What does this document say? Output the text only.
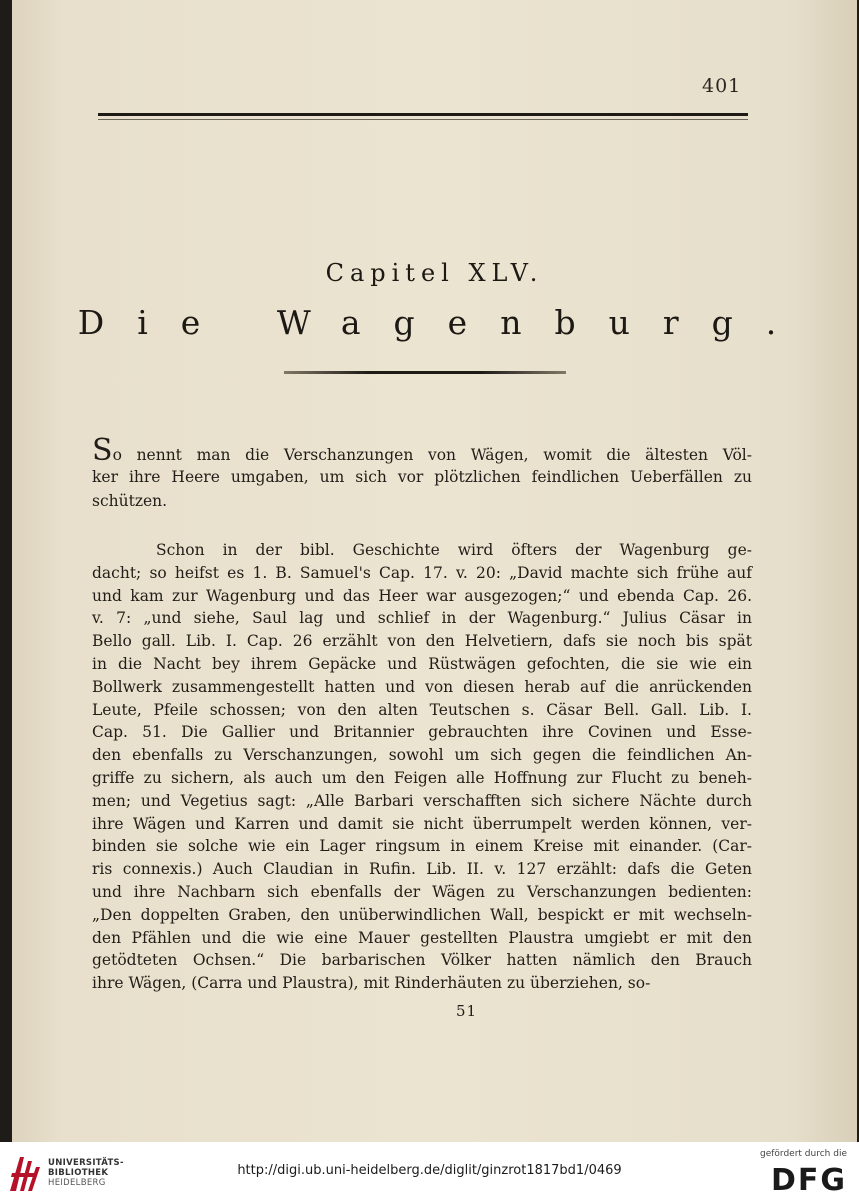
401
Capitel XLV.
Die Wagenburg.
So nennt man die Verschanzungen von Wägen, womit die ältesten Völ-
ker ihre Heere umgaben, um sich vor plötzlichen feindlichen Ueberfällen zu
schützen.
Schon in der bibl. Geschichte wird öfters der Wagenburg ge-
dacht; so heifst es 1. B. Samuel's Cap. 17. v. 20: „David machte sich frühe auf
und kam zur Wagenburg und das Heer war ausgezogen;“ und ebenda Cap. 26.
v. 7: „und siehe, Saul lag und schlief in der Wagenburg.“ Julius Cäsar in
Bello gall. Lib. I. Cap. 26 erzählt von den Helvetiern, dafs sie noch bis spät
in die Nacht bey ihrem Gepäcke und Rüstwägen gefochten, die sie wie ein
Bollwerk zusammengestellt hatten und von diesen herab auf die anrückenden
Leute, Pfeile schossen; von den alten Teutschen s. Cäsar Bell. Gall. Lib. I.
Cap. 51. Die Gallier und Britannier gebrauchten ihre Covinen und Esse-
den ebenfalls zu Verschanzungen, sowohl um sich gegen die feindlichen An-
griffe zu sichern, als auch um den Feigen alle Hoffnung zur Flucht zu beneh-
men; und Vegetius sagt: „Alle Barbari verschafften sich sichere Nächte durch
ihre Wägen und Karren und damit sie nicht überrumpelt werden können, ver-
binden sie solche wie ein Lager ringsum in einem Kreise mit einander. (Car-
ris connexis.) Auch Claudian in Rufin. Lib. II. v. 127 erzählt: dafs die Geten
und ihre Nachbarn sich ebenfalls der Wägen zu Verschanzungen bedienten:
„Den doppelten Graben, den unüberwindlichen Wall, bespickt er mit wechseln-
den Pfählen und die wie eine Mauer gestellten Plaustra umgiebt er mit den
getödteten Ochsen.“ Die barbarischen Völker hatten nämlich den Brauch
ihre Wägen, (Carra und Plaustra), mit Rinderhäuten zu überziehen, so-
51
UNIVERSITÄTS-
BIBLIOTHEK
HEIDELBERG
http://digi.ub.uni-heidelberg.de/diglit/ginzrot1817bd1/0469
gefördert durch die
DFG
